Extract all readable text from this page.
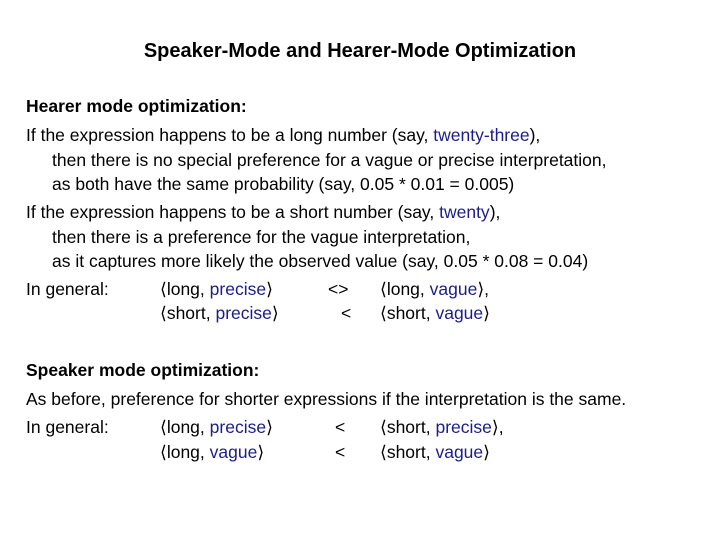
Speaker-Mode and Hearer-Mode Optimization
Hearer mode optimization:
If the expression happens to be a long number (say, twenty-three),
then there is no special preference for a vague or precise interpretation,
as both have the same probability (say, 0.05 * 0.01 = 0.005)
If the expression happens to be a short number (say, twenty),
then there is a preference for the vague interpretation,
as it captures more likely the observed value (say, 0.05 * 0.08 = 0.04)
In general:	⟨long, precise⟩	<> ⟨long, vague⟩,
⟨short, precise⟩	< ⟨short, vague⟩
Speaker mode optimization:
As before, preference for shorter expressions if the interpretation is the same.
In general:	⟨long, precise⟩	< ⟨short, precise⟩,
⟨long, vague⟩	< ⟨short, vague⟩
